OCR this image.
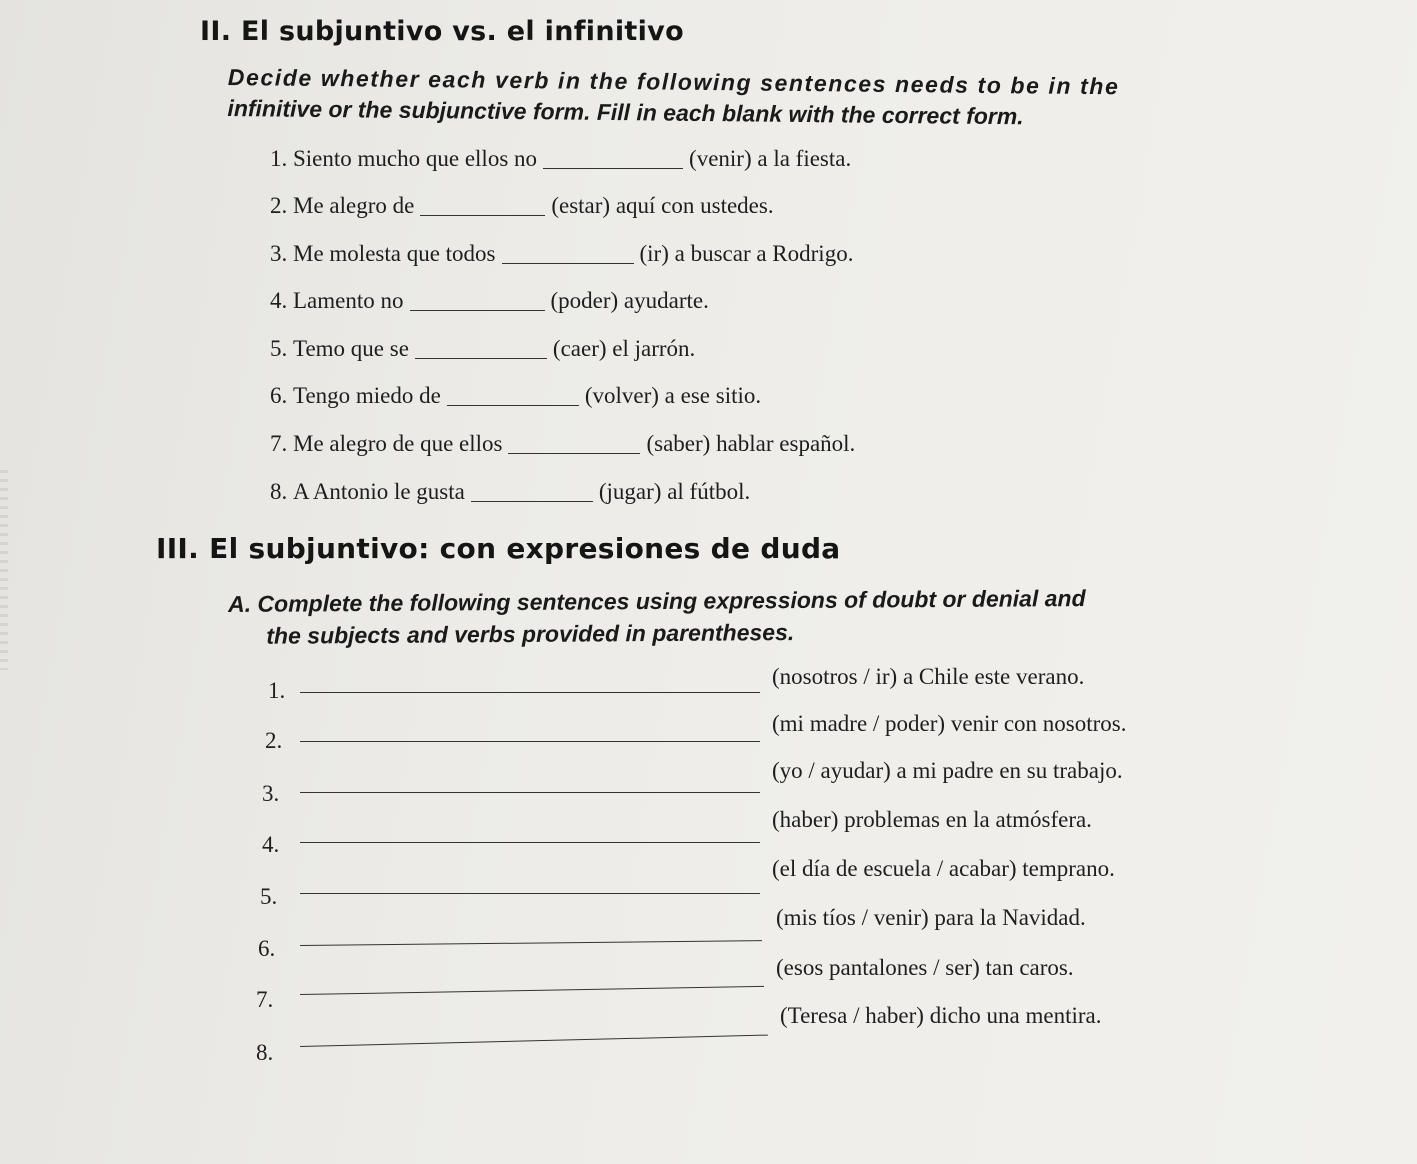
II. El subjuntivo vs. el infinitivo
Decide whether each verb in the following sentences needs to be in the
infinitive or the subjunctive form. Fill in each blank with the correct form.
1.
Siento mucho que ellos no	(venir) a la fiesta.
2.
Me alegro de	(estar) aquí con ustedes.
3.
Me molesta que todos	(ir) a buscar a Rodrigo.
4.
Lamento no	(poder) ayudarte.
5.
Temo que se	(caer) el jarrón.
6.
Tengo miedo de	(volver) a ese sitio.
7.
Me alegro de que ellos	(saber) hablar español.
8.
A Antonio le gusta	(jugar) al fútbol.
III. El subjuntivo: con expresiones de duda
A. Complete the following sentences using expressions of doubt or denial and
the subjects and verbs provided in parentheses.
1.
(nosotros / ir) a Chile este verano.
2.
(mi madre / poder) venir con nosotros.
3.
(yo / ayudar) a mi padre en su trabajo.
4.
(haber) problemas en la atmósfera.
5.
(el día de escuela / acabar) temprano.
6.
(mis tíos / venir) para la Navidad.
7.
(esos pantalones / ser) tan caros.
8.
(Teresa / haber) dicho una mentira.
